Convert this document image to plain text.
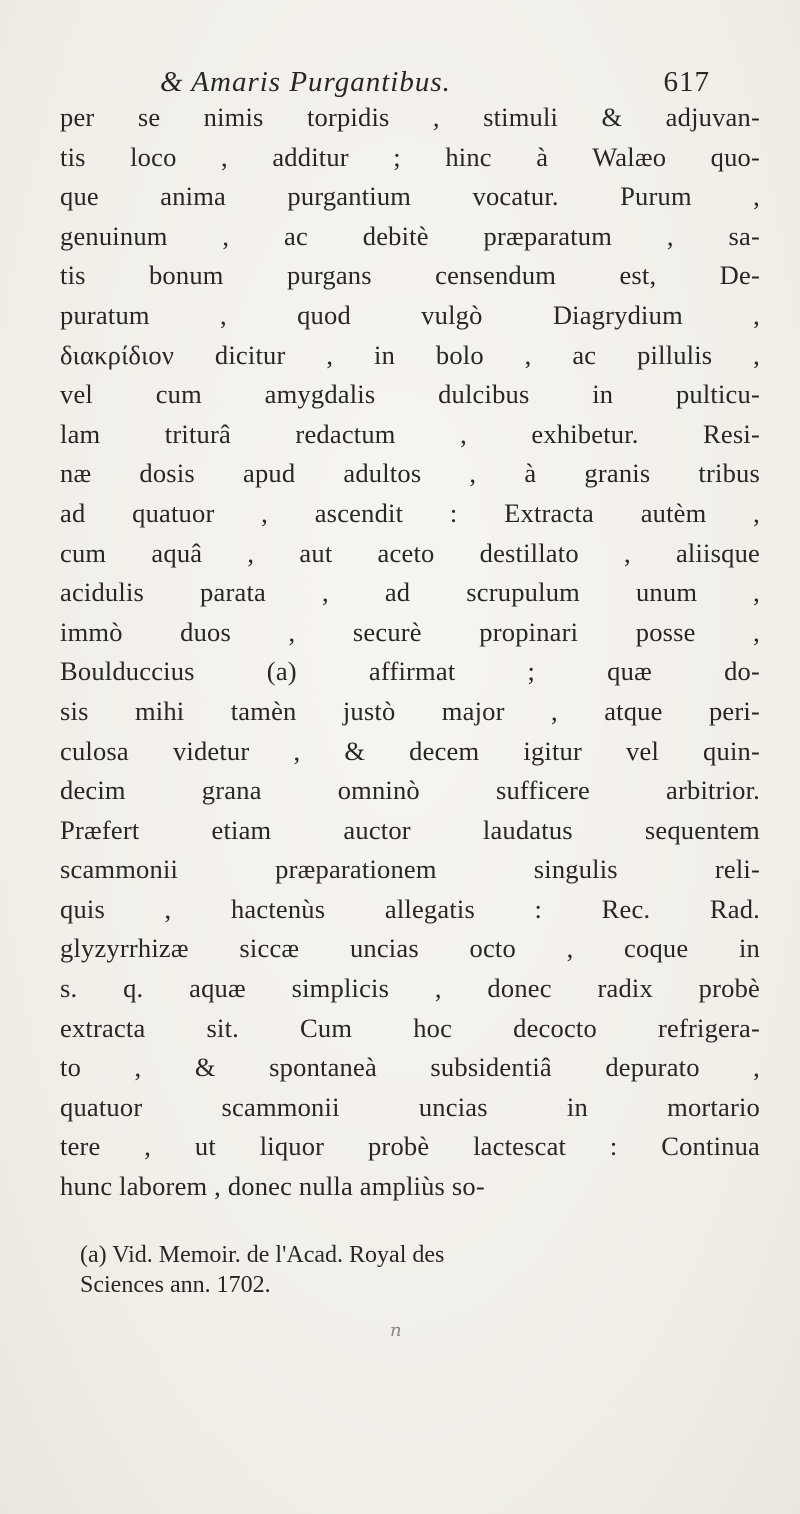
& Amaris Purgantibus.	617
per se nimis torpidis , stimuli & adjuvan-
tis loco , additur ; hinc à Walæo quo-
que anima purgantium vocatur. Purum ,
genuinum , ac debitè præparatum , sa-
tis bonum purgans censendum est, De-
puratum , quod vulgò Diagrydium ,
διακρίδιον dicitur , in bolo , ac pillulis ,
vel cum amygdalis dulcibus in pulticu-
lam triturâ redactum , exhibetur. Resi-
næ dosis apud adultos , à granis tribus
ad quatuor , ascendit : Extracta autèm ,
cum aquâ , aut aceto destillato , aliisque
acidulis parata , ad scrupulum unum ,
immò duos , securè propinari posse ,
Boulduccius (a) affirmat ; quæ do-
sis mihi tamèn justò major , atque peri-
culosa videtur , & decem igitur vel quin-
decim grana omninò sufficere arbitrior.
Præfert etiam auctor laudatus sequentem
scammonii præparationem singulis reli-
quis , hactenùs allegatis : Rec. Rad.
glyzyrrhizæ siccæ uncias octo , coque in
s. q. aquæ simplicis , donec radix probè
extracta sit. Cum hoc decocto refrigera-
to , & spontaneà subsidentiâ depurato ,
quatuor scammonii uncias in mortario
tere , ut liquor probè lactescat : Continua
hunc laborem , donec nulla ampliùs so-
(a) Vid. Memoir. de l'Acad. Royal des
Sciences ann. 1702.
n
